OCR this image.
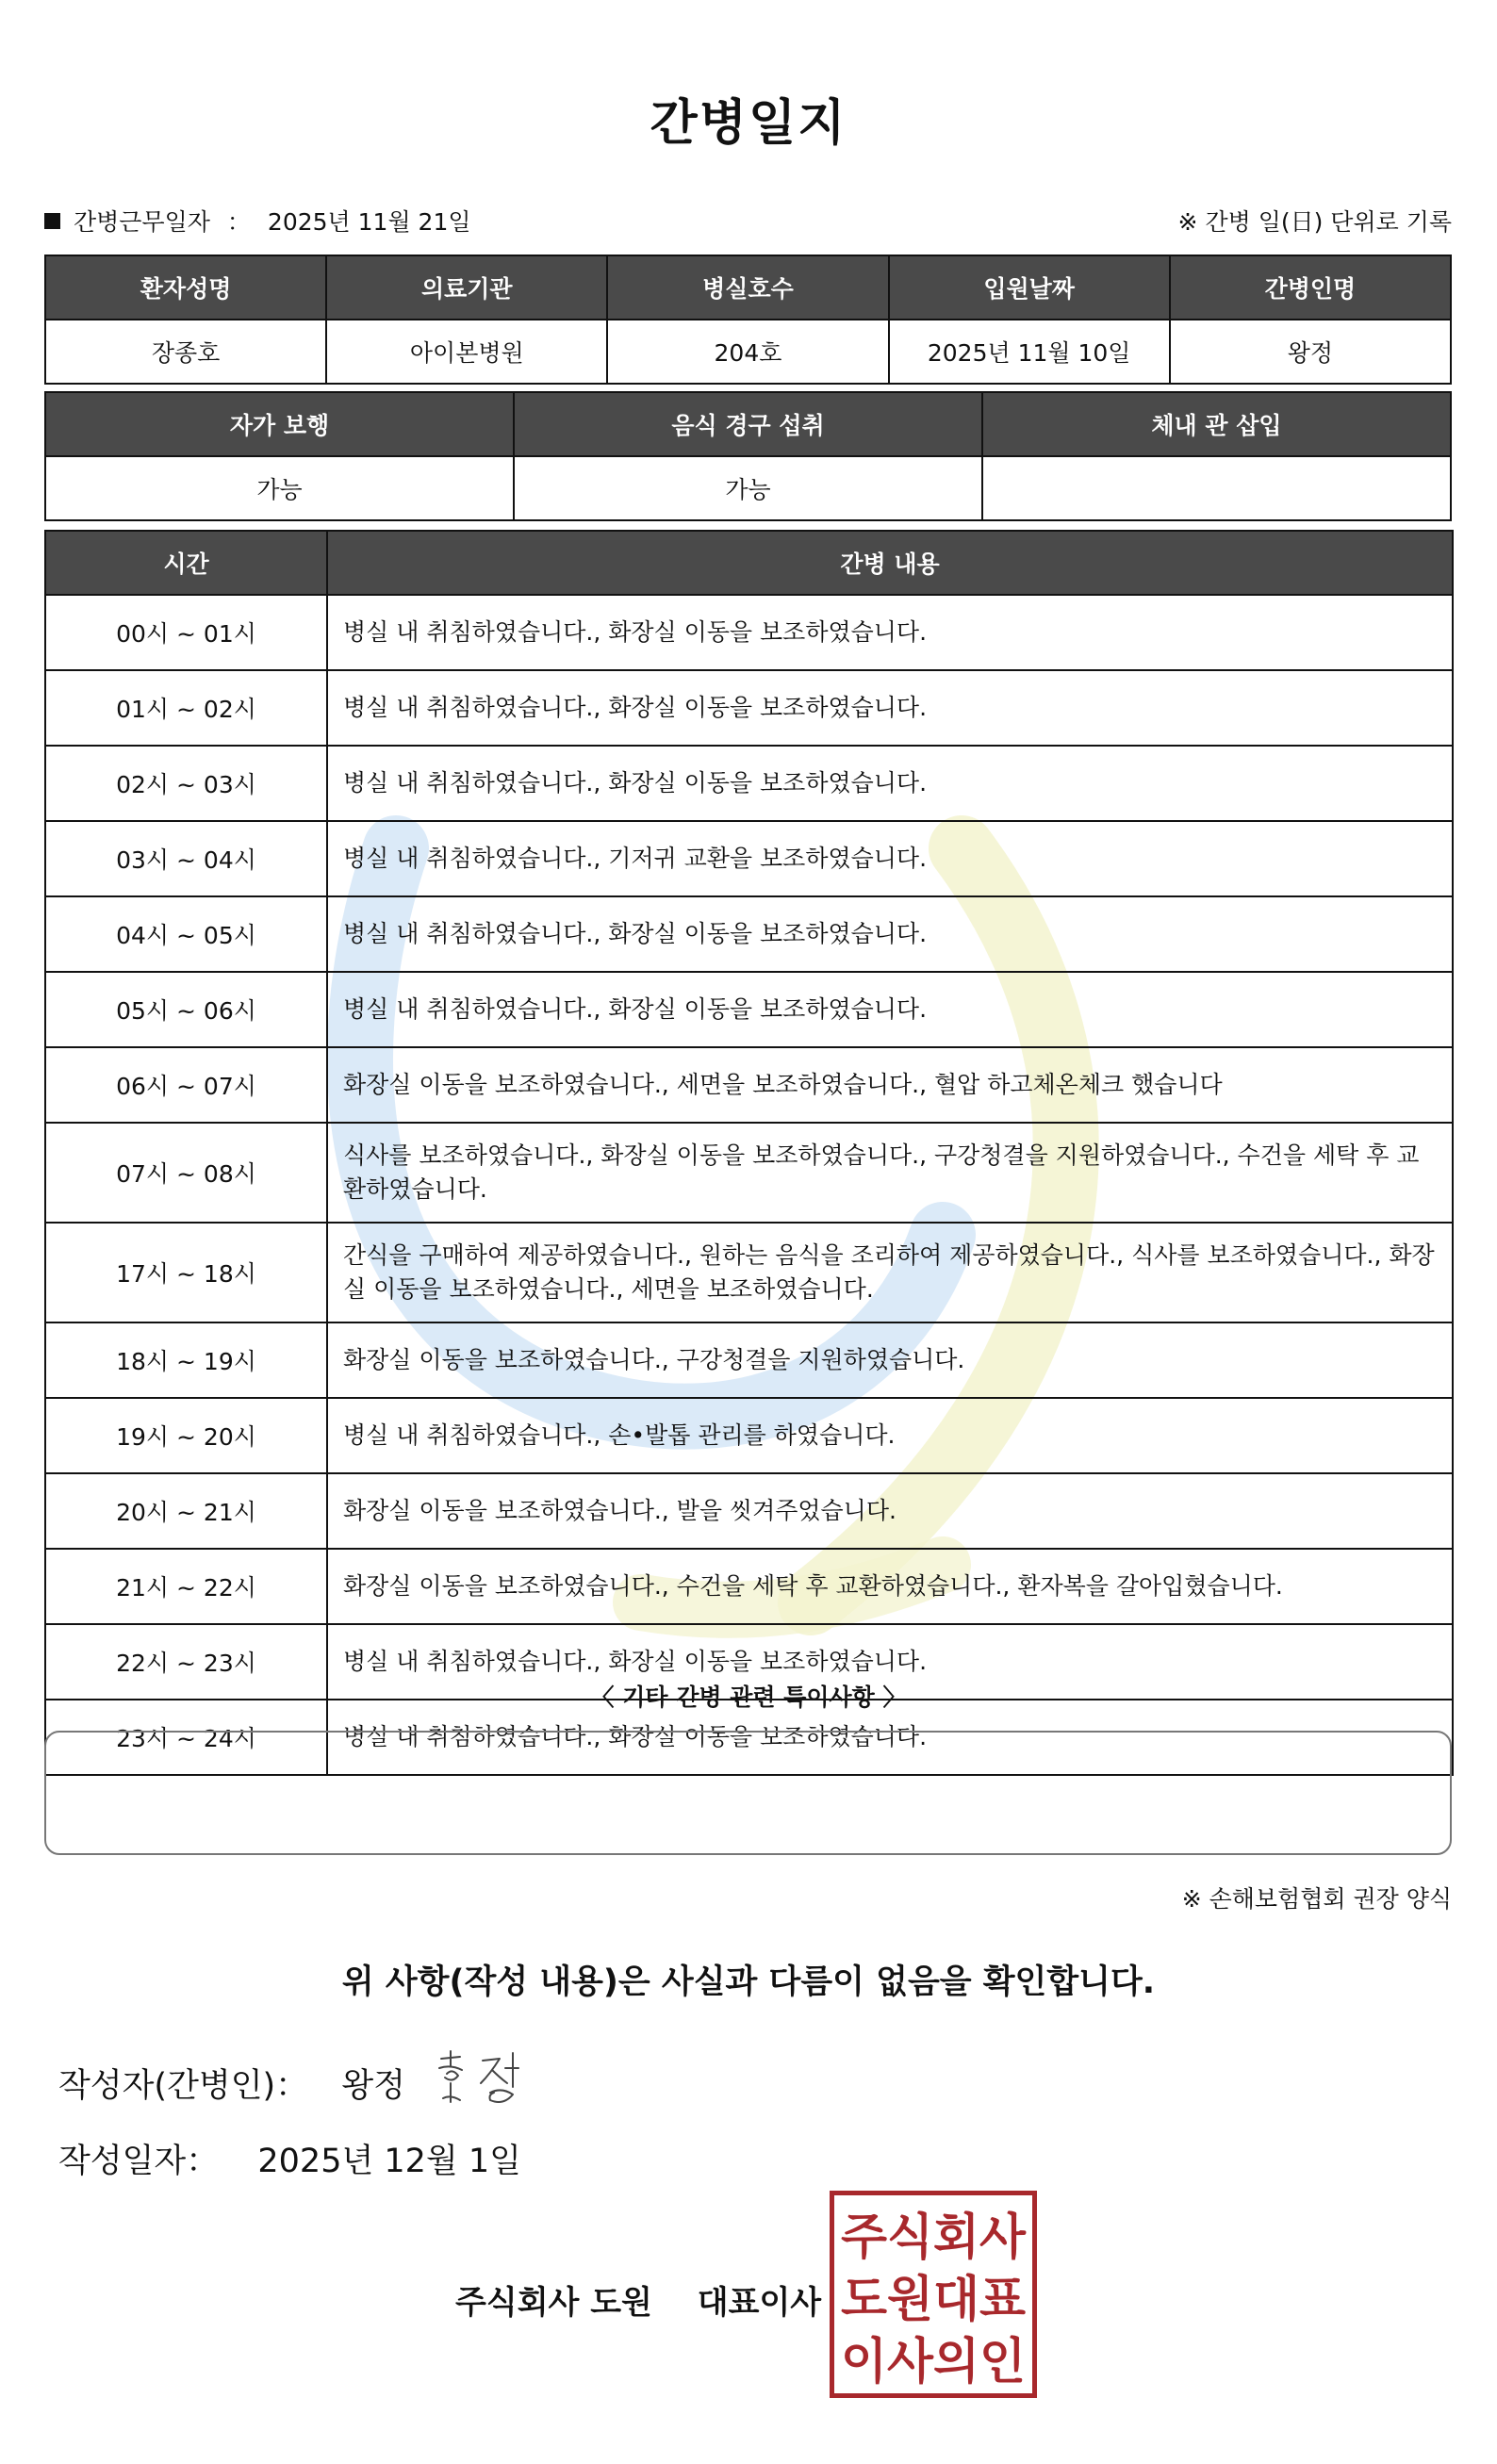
간병일지
간병근무일자 ： 2025년 11월 21일	※ 간병 일(日) 단위로 기록
환자성명	의료기관	병실호수	입원날짜	간병인명
장종호	아이본병원	204호	2025년 11월 10일	왕정
자가 보행	음식 경구 섭취	체내 관 삽입
가능	가능	
시간	간병 내용
00시 ~ 01시	병실 내 취침하였습니다., 화장실 이동을 보조하였습니다.
01시 ~ 02시	병실 내 취침하였습니다., 화장실 이동을 보조하였습니다.
02시 ~ 03시	병실 내 취침하였습니다., 화장실 이동을 보조하였습니다.
03시 ~ 04시	병실 내 취침하였습니다., 기저귀 교환을 보조하였습니다.
04시 ~ 05시	병실 내 취침하였습니다., 화장실 이동을 보조하였습니다.
05시 ~ 06시	병실 내 취침하였습니다., 화장실 이동을 보조하였습니다.
06시 ~ 07시	화장실 이동을 보조하였습니다., 세면을 보조하였습니다., 혈압 하고체온체크 했습니다
07시 ~ 08시	식사를 보조하였습니다., 화장실 이동을 보조하였습니다., 구강청결을 지원하였습니다., 수건을 세탁 후 교환하였습니다.
17시 ~ 18시	간식을 구매하여 제공하였습니다., 원하는 음식을 조리하여 제공하였습니다., 식사를 보조하였습니다., 화장실 이동을 보조하였습니다., 세면을 보조하였습니다.
18시 ~ 19시	화장실 이동을 보조하였습니다., 구강청결을 지원하였습니다.
19시 ~ 20시	병실 내 취침하였습니다., 손•발톱 관리를 하였습니다.
20시 ~ 21시	화장실 이동을 보조하였습니다., 발을 씻겨주었습니다.
21시 ~ 22시	화장실 이동을 보조하였습니다., 수건을 세탁 후 교환하였습니다., 환자복을 갈아입혔습니다.
22시 ~ 23시	병실 내 취침하였습니다., 화장실 이동을 보조하였습니다.
23시 ~ 24시	병실 내 취침하였습니다., 화장실 이동을 보조하였습니다.
〈 기타 간병 관련 특이사항 〉
※ 손해보험협회 권장 양식
위 사항(작성 내용)은 사실과 다름이 없음을 확인합니다.
작성자(간병인)： 왕정
작성일자： 2025년 12월 1일
주식회사 도원 대표이사
주식회사
도원대표
이사의인
